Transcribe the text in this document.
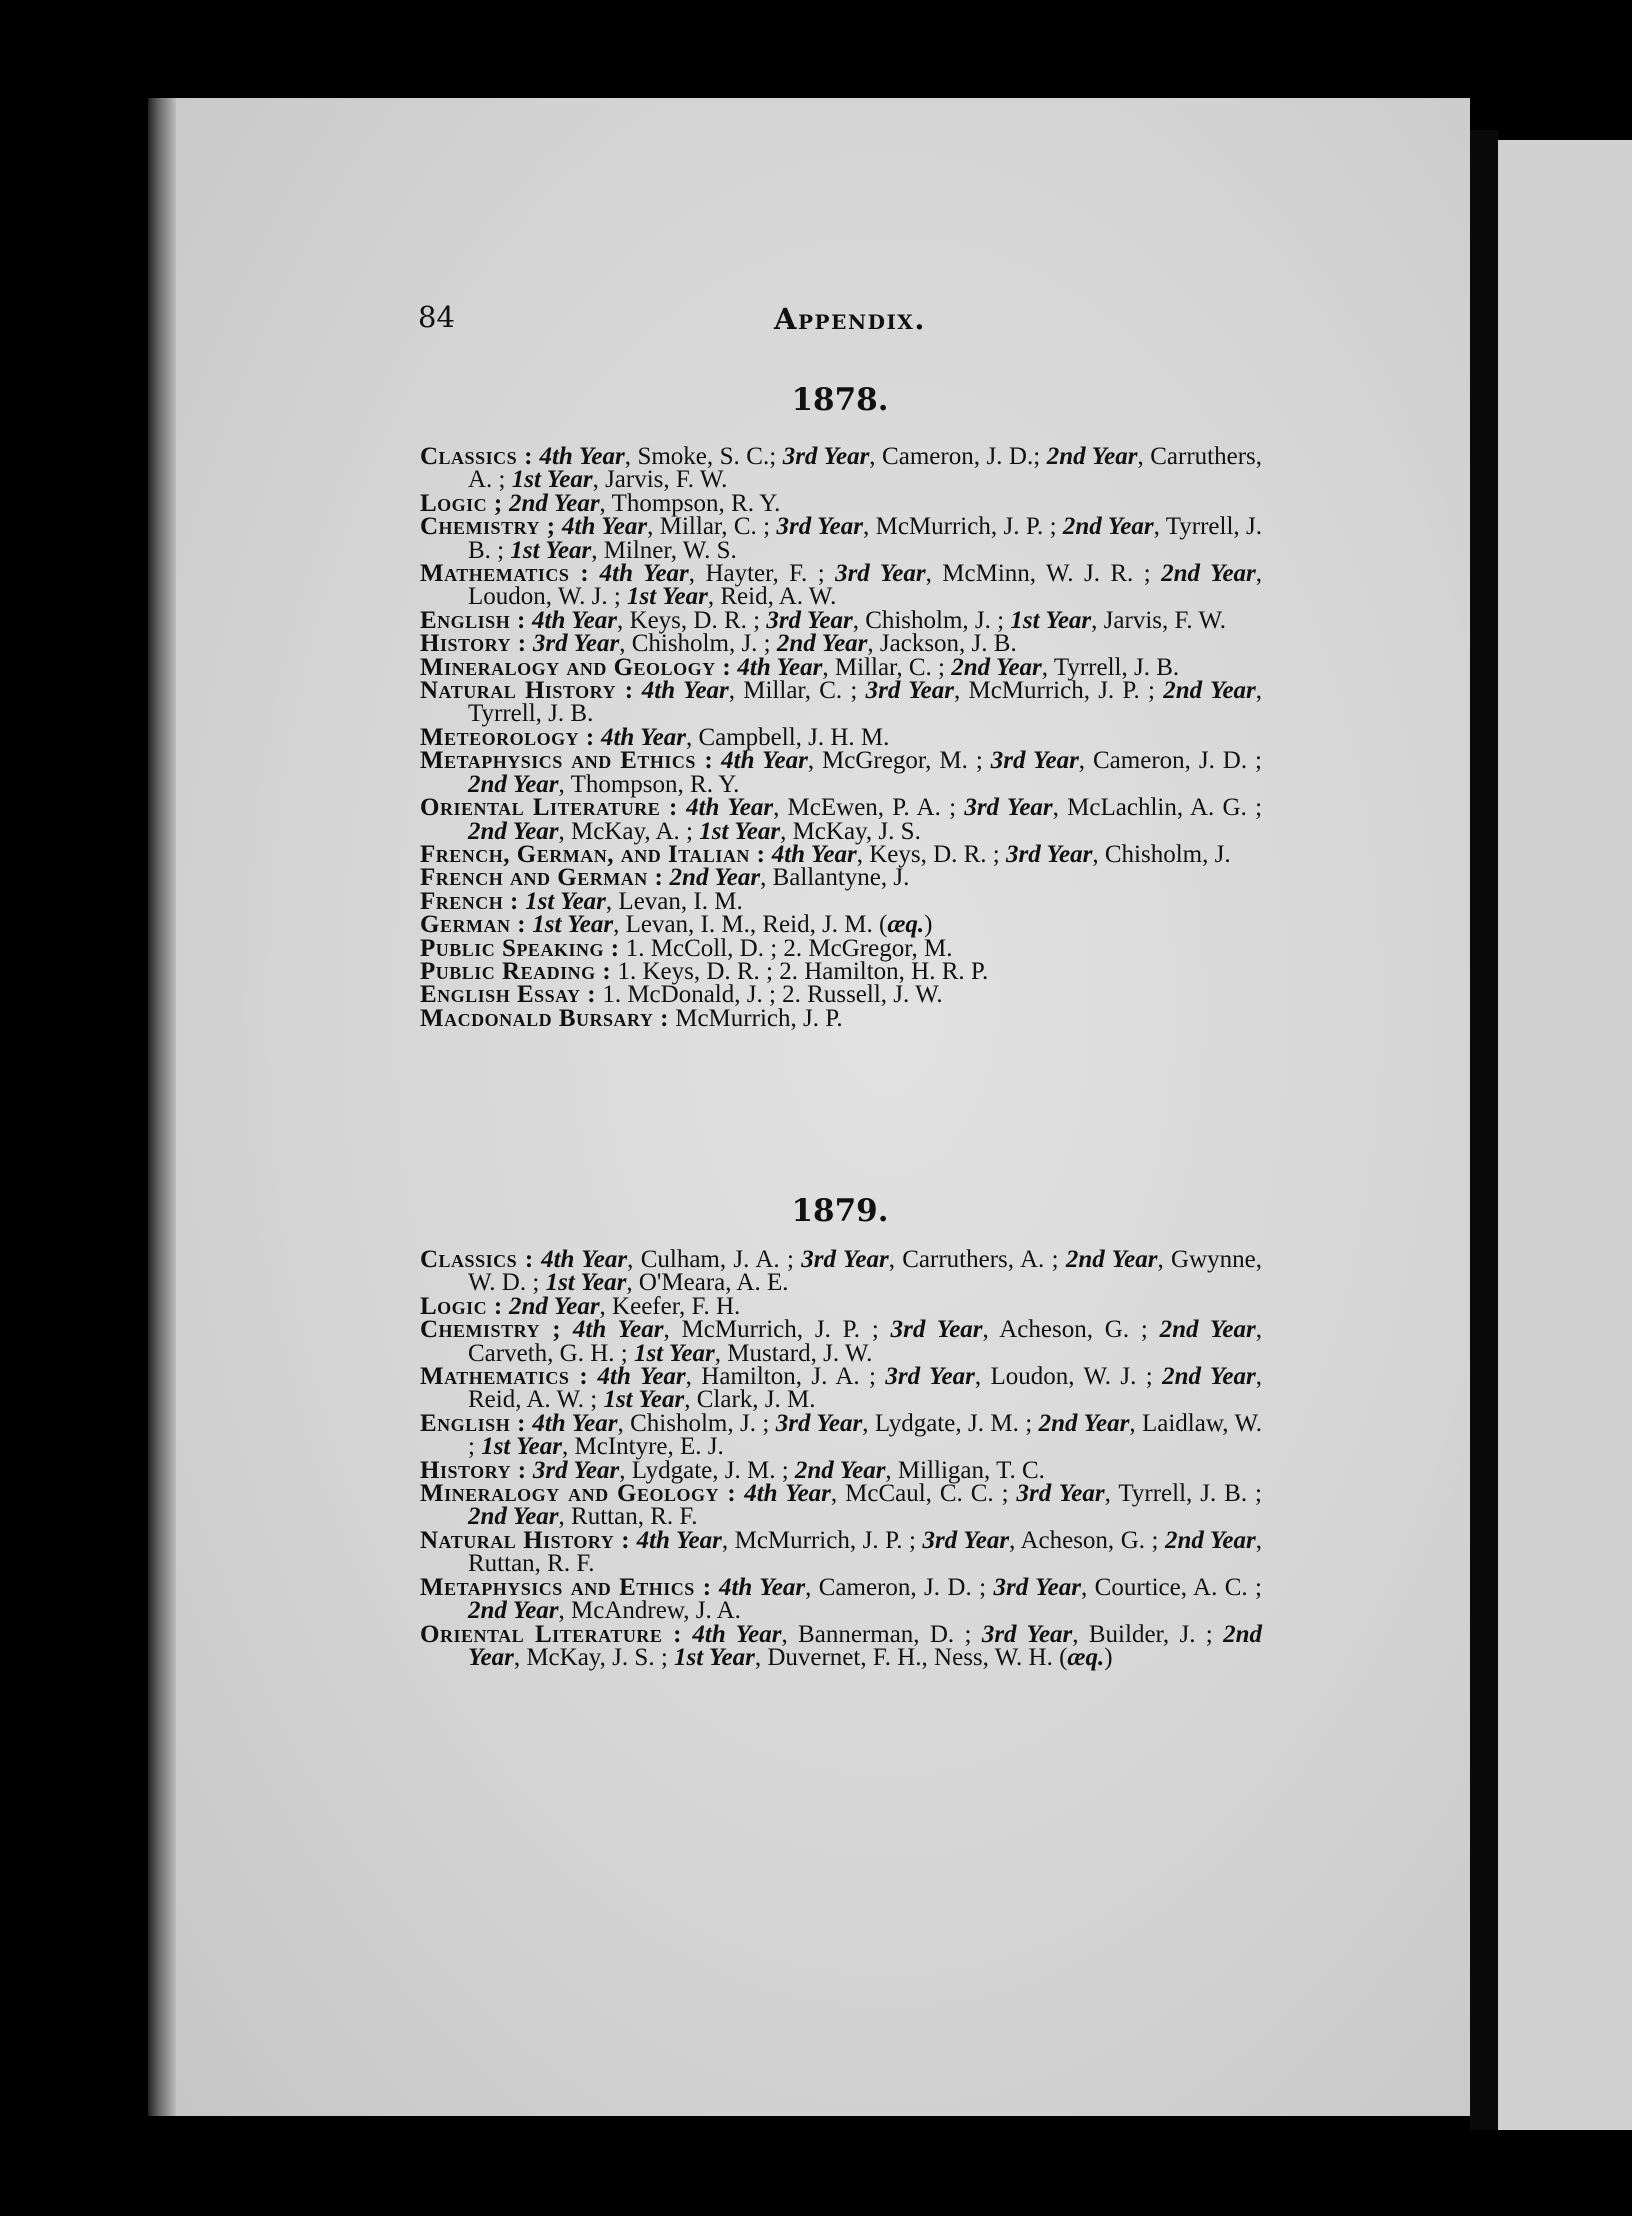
84	Appendix.
1878.

Classics : 4th Year, Smoke, S. C.; 3rd Year, Cameron, J. D.; 2nd Year, Carruthers, A. ; 1st Year, Jarvis, F. W.

Logic ; 2nd Year, Thompson, R. Y.

Chemistry ; 4th Year, Millar, C. ; 3rd Year, McMurrich, J. P. ; 2nd Year, Tyrrell, J. B. ; 1st Year, Milner, W. S.

Mathematics : 4th Year, Hayter, F. ; 3rd Year, McMinn, W. J. R. ; 2nd Year, Loudon, W. J. ; 1st Year, Reid, A. W.

English : 4th Year, Keys, D. R. ; 3rd Year, Chisholm, J. ; 1st Year, Jarvis, F. W.

History : 3rd Year, Chisholm, J. ; 2nd Year, Jackson, J. B.

Mineralogy and Geology : 4th Year, Millar, C. ; 2nd Year, Tyrrell, J. B.

Natural History : 4th Year, Millar, C. ; 3rd Year, McMurrich, J. P. ; 2nd Year, Tyrrell, J. B.

Meteorology : 4th Year, Campbell, J. H. M.

Metaphysics and Ethics : 4th Year, McGregor, M. ; 3rd Year, Cameron, J. D. ; 2nd Year, Thompson, R. Y.

Oriental Literature : 4th Year, McEwen, P. A. ; 3rd Year, McLachlin, A. G. ; 2nd Year, McKay, A. ; 1st Year, McKay, J. S.

French, German, and Italian : 4th Year, Keys, D. R. ; 3rd Year, Chisholm, J.

French and German : 2nd Year, Ballantyne, J.

French : 1st Year, Levan, I. M.

German : 1st Year, Levan, I. M., Reid, J. M. (æq.)

Public Speaking : 1. McColl, D. ; 2. McGregor, M.

Public Reading : 1. Keys, D. R. ; 2. Hamilton, H. R. P.

English Essay : 1. McDonald, J. ; 2. Russell, J. W.

Macdonald Bursary : McMurrich, J. P.

1879.

Classics : 4th Year, Culham, J. A. ; 3rd Year, Carruthers, A. ; 2nd Year, Gwynne, W. D. ; 1st Year, O'Meara, A. E.

Logic : 2nd Year, Keefer, F. H.

Chemistry ; 4th Year, McMurrich, J. P. ; 3rd Year, Acheson, G. ; 2nd Year, Carveth, G. H. ; 1st Year, Mustard, J. W.

Mathematics : 4th Year, Hamilton, J. A. ; 3rd Year, Loudon, W. J. ; 2nd Year, Reid, A. W. ; 1st Year, Clark, J. M.

English : 4th Year, Chisholm, J. ; 3rd Year, Lydgate, J. M. ; 2nd Year, Laidlaw, W. ; 1st Year, McIntyre, E. J.

History : 3rd Year, Lydgate, J. M. ; 2nd Year, Milligan, T. C.

Mineralogy and Geology : 4th Year, McCaul, C. C. ; 3rd Year, Tyrrell, J. B. ; 2nd Year, Ruttan, R. F.

Natural History : 4th Year, McMurrich, J. P. ; 3rd Year, Acheson, G. ; 2nd Year, Ruttan, R. F.

Metaphysics and Ethics : 4th Year, Cameron, J. D. ; 3rd Year, Courtice, A. C. ; 2nd Year, McAndrew, J. A.

Oriental Literature : 4th Year, Bannerman, D. ; 3rd Year, Builder, J. ; 2nd Year, McKay, J. S. ; 1st Year, Duvernet, F. H., Ness, W. H. (æq.)
